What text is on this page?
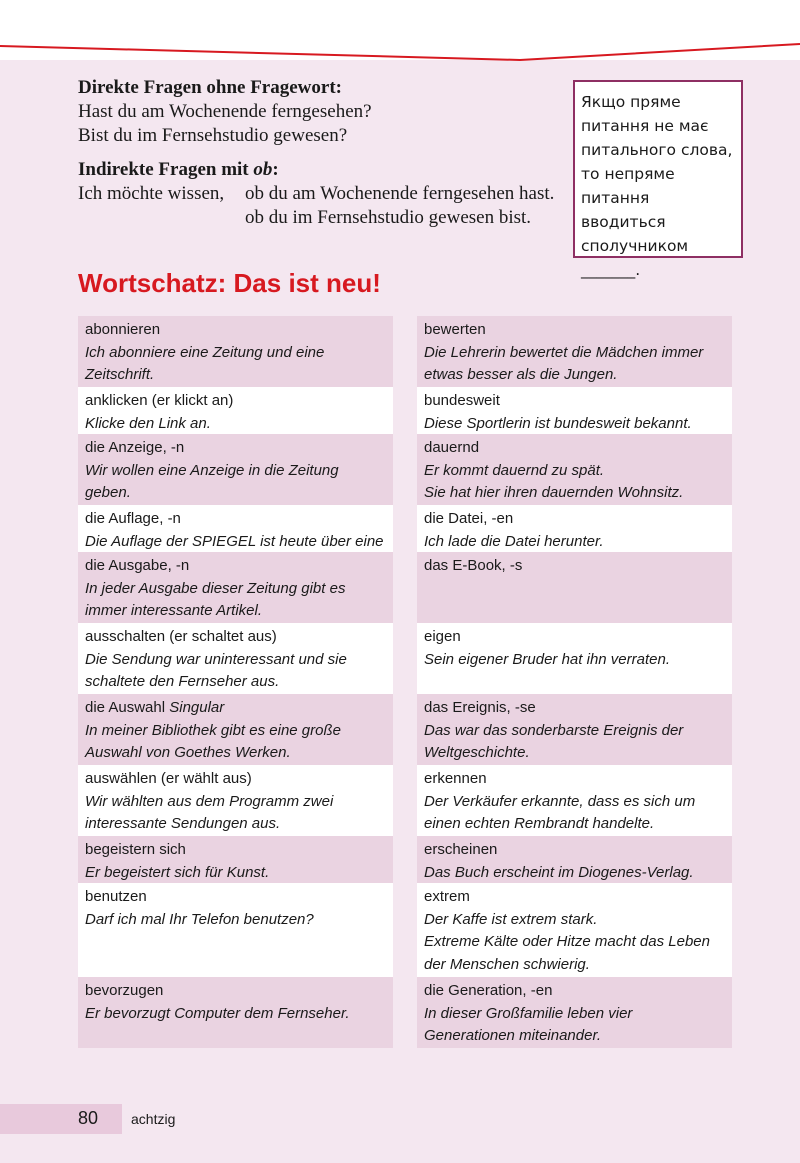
Direkte Fragen ohne Fragewort:
Hast du am Wochenende ferngesehen?
Bist du im Fernsehstudio gewesen?
Indirekte Fragen mit ob:
Ich möchte wissen,	ob du am Wochenende ferngesehen hast.
ob du im Fernsehstudio gewesen bist.
Якщо пряме питання не має питального слова, то непряме питання вводиться сполучником _______.
Wortschatz: Das ist neu!
abonnieren
Ich abonniere eine Zeitung und eine Zeitschrift.
anklicken (er klickt an)
Klicke den Link an.
die Anzeige, -n
Wir wollen eine Anzeige in die Zeitung geben.
die Auflage, -n
Die Auflage der SPIEGEL ist heute über eine
die Ausgabe, -n
In jeder Ausgabe dieser Zeitung gibt es immer interessante Artikel.
ausschalten (er schaltet aus)
Die Sendung war uninteressant und sie schaltete den Fernseher aus.
die Auswahl Singular
In meiner Bibliothek gibt es eine große Auswahl von Goethes Werken.
auswählen (er wählt aus)
Wir wählten aus dem Programm zwei interessante Sendungen aus.
begeistern sich
Er begeistert sich für Kunst.
benutzen
Darf ich mal Ihr Telefon benutzen?
bevorzugen
Er bevorzugt Computer dem Fernseher.
bewerten
Die Lehrerin bewertet die Mädchen immer etwas besser als die Jungen.
bundesweit
Diese Sportlerin ist bundesweit bekannt.
dauernd
Er kommt dauernd zu spät.
Sie hat hier ihren dauernden Wohnsitz.
die Datei, -en
Ich lade die Datei herunter.
das E-Book, -s
eigen
Sein eigener Bruder hat ihn verraten.
das Ereignis, -se
Das war das sonderbarste Ereignis der Weltgeschichte.
erkennen
Der Verkäufer erkannte, dass es sich um einen echten Rembrandt handelte.
erscheinen
Das Buch erscheint im Diogenes-Verlag.
extrem
Der Kaffe ist extrem stark.
Extreme Kälte oder Hitze macht das Leben der Menschen schwierig.
die Generation, -en
In dieser Großfamilie leben vier Generationen miteinander.
80 achtzig
